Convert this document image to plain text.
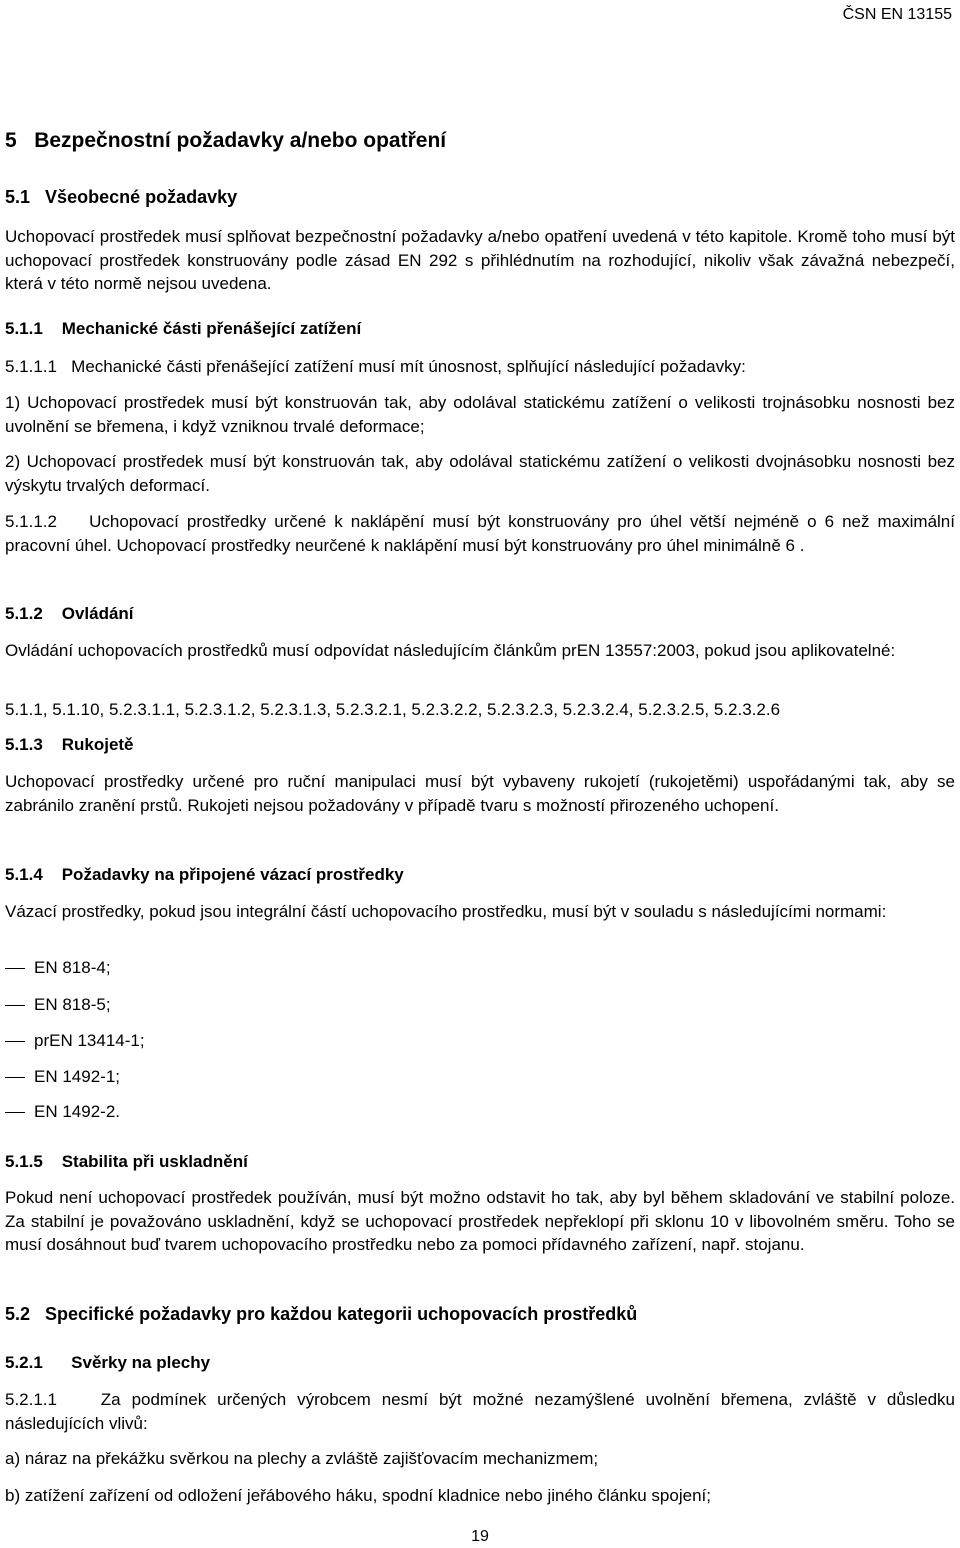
ČSN EN 13155
5 Bezpečnostní požadavky a/nebo opatření
5.1 Všeobecné požadavky
Uchopovací prostředek musí splňovat bezpečnostní požadavky a/nebo opatření uvedená v této kapitole. Kromě toho musí být uchopovací prostředek konstruovány podle zásad EN 292 s přihlédnutím na rozhodující, nikoliv však závažná nebezpečí, která v této normě nejsou uvedena.
5.1.1 Mechanické části přenášející zatížení
5.1.1.1 Mechanické části přenášející zatížení musí mít únosnost, splňující následující požadavky:
1) Uchopovací prostředek musí být konstruován tak, aby odolával statickému zatížení o velikosti trojnásobku nosnosti bez uvolnění se břemena, i když vzniknou trvalé deformace;
2) Uchopovací prostředek musí být konstruován tak, aby odolával statickému zatížení o velikosti dvojnásobku nosnosti bez výskytu trvalých deformací.
5.1.1.2 Uchopovací prostředky určené k naklápění musí být konstruovány pro úhel větší nejméně o 6 než maximální pracovní úhel. Uchopovací prostředky neurčené k naklápění musí být konstruovány pro úhel minimálně 6 .
5.1.2 Ovládání
Ovládání uchopovacích prostředků musí odpovídat následujícím článkům prEN 13557:2003, pokud jsou aplikovatelné:
5.1.1, 5.1.10, 5.2.3.1.1, 5.2.3.1.2, 5.2.3.1.3, 5.2.3.2.1, 5.2.3.2.2, 5.2.3.2.3, 5.2.3.2.4, 5.2.3.2.5, 5.2.3.2.6
5.1.3 Rukojetě
Uchopovací prostředky určené pro ruční manipulaci musí být vybaveny rukojetí (rukojetěmi) uspořádanými tak, aby se zabránilo zranění prstů. Rukojeti nejsou požadovány v případě tvaru s možností přirozeného uchopení.
5.1.4 Požadavky na připojené vázací prostředky
Vázací prostředky, pokud jsou integrální částí uchopovacího prostředku, musí být v souladu s následujícími normami:
EN 818-4;
EN 818-5;
prEN 13414-1;
EN 1492-1;
EN 1492-2.
5.1.5 Stabilita při uskladnění
Pokud není uchopovací prostředek používán, musí být možno odstavit ho tak, aby byl během skladování ve stabilní poloze. Za stabilní je považováno uskladnění, když se uchopovací prostředek nepřeklopí při sklonu 10 v libovolném směru. Toho se musí dosáhnout buď tvarem uchopovacího prostředku nebo za pomoci přídavného zařízení, např. stojanu.
5.2 Specifické požadavky pro každou kategorii uchopovacích prostředků
5.2.1 Svěrky na plechy
5.2.1.1	Za podmínek určených výrobcem nesmí být možné nezamýšlené uvolnění břemena, zvláště v důsledku následujících vlivů:
a) náraz na překážku svěrkou na plechy a zvláště zajišťovacím mechanizmem;
b) zatížení zařízení od odložení jeřábového háku, spodní kladnice nebo jiného článku spojení;
19
